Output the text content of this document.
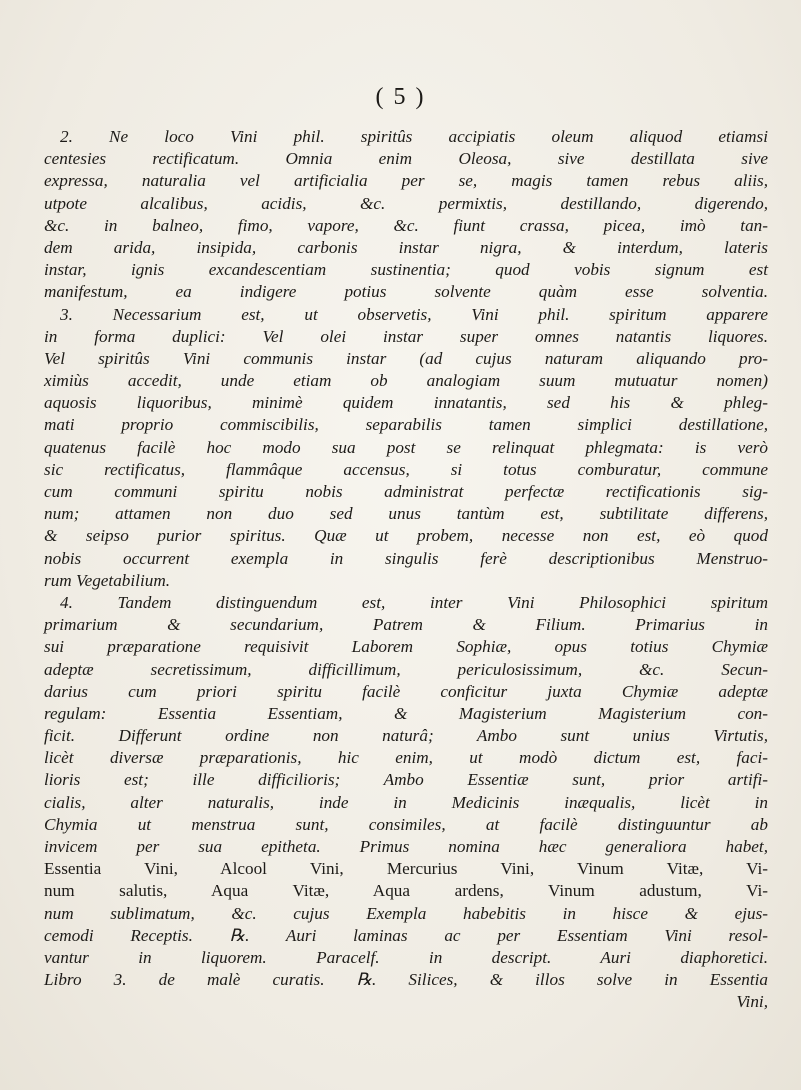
( 5 )
2. Ne loco Vini phil. spiritûs accipiatis oleum aliquod etiamsi
centesies rectificatum. Omnia enim Oleosa, sive destillata sive
expressa, naturalia vel artificialia per se, magis tamen rebus aliis,
utpote alcalibus, acidis, &c. permixtis, destillando, digerendo,
&c. in balneo, fimo, vapore, &c. fiunt crassa, picea, imò tan-
dem arida, insipida, carbonis instar nigra, & interdum, lateris
instar, ignis excandescentiam sustinentia; quod vobis signum est
manifestum, ea indigere potius solvente quàm esse solventia.
3. Necessarium est, ut observetis, Vini phil. spiritum apparere
in forma duplici: Vel olei instar super omnes natantis liquores.
Vel spiritûs Vini communis instar (ad cujus naturam aliquando pro-
ximiùs accedit, unde etiam ob analogiam suum mutuatur nomen)
aquosis liquoribus, minimè quidem innatantis, sed his & phleg-
mati proprio commiscibilis, separabilis tamen simplici destillatione,
quatenus facilè hoc modo sua post se relinquat phlegmata: is verò
sic rectificatus, flammâque accensus, si totus comburatur, commune
cum communi spiritu nobis administrat perfectæ rectificationis sig-
num; attamen non duo sed unus tantùm est, subtilitate differens,
& seipso purior spiritus. Quæ ut probem, necesse non est, eò quod
nobis occurrent exempla in singulis ferè descriptionibus Menstruo-
rum Vegetabilium.
4. Tandem distinguendum est, inter Vini Philosophici spiritum
primarium & secundarium, Patrem & Filium. Primarius in
sui præparatione requisivit Laborem Sophiæ, opus totius Chymiæ
adeptæ secretissimum, difficillimum, periculosissimum, &c. Secun-
darius cum priori spiritu facilè conficitur juxta Chymiæ adeptæ
regulam: Essentia Essentiam, & Magisterium Magisterium con-
ficit. Differunt ordine non naturâ; Ambo sunt unius Virtutis,
licèt diversæ præparationis, hic enim, ut modò dictum est, faci-
lioris est; ille difficilioris; Ambo Essentiæ sunt, prior artifi-
cialis, alter naturalis, inde in Medicinis inæqualis, licèt in
Chymia ut menstrua sunt, consimiles, at facilè distinguuntur ab
invicem per sua epitheta. Primus nomina hæc generaliora habet,
Essentia Vini, Alcool Vini, Mercurius Vini, Vinum Vitæ, Vi-
num salutis, Aqua Vitæ, Aqua ardens, Vinum adustum, Vi-
num sublimatum, &c. cujus Exempla habebitis in hisce & ejus-
cemodi Receptis. ℞. Auri laminas ac per Essentiam Vini resol-
vantur in liquorem. Paracelf. in descript. Auri diaphoretici.
Libro 3. de malè curatis. ℞. Silices, & illos solve in Essentia
Vini,
